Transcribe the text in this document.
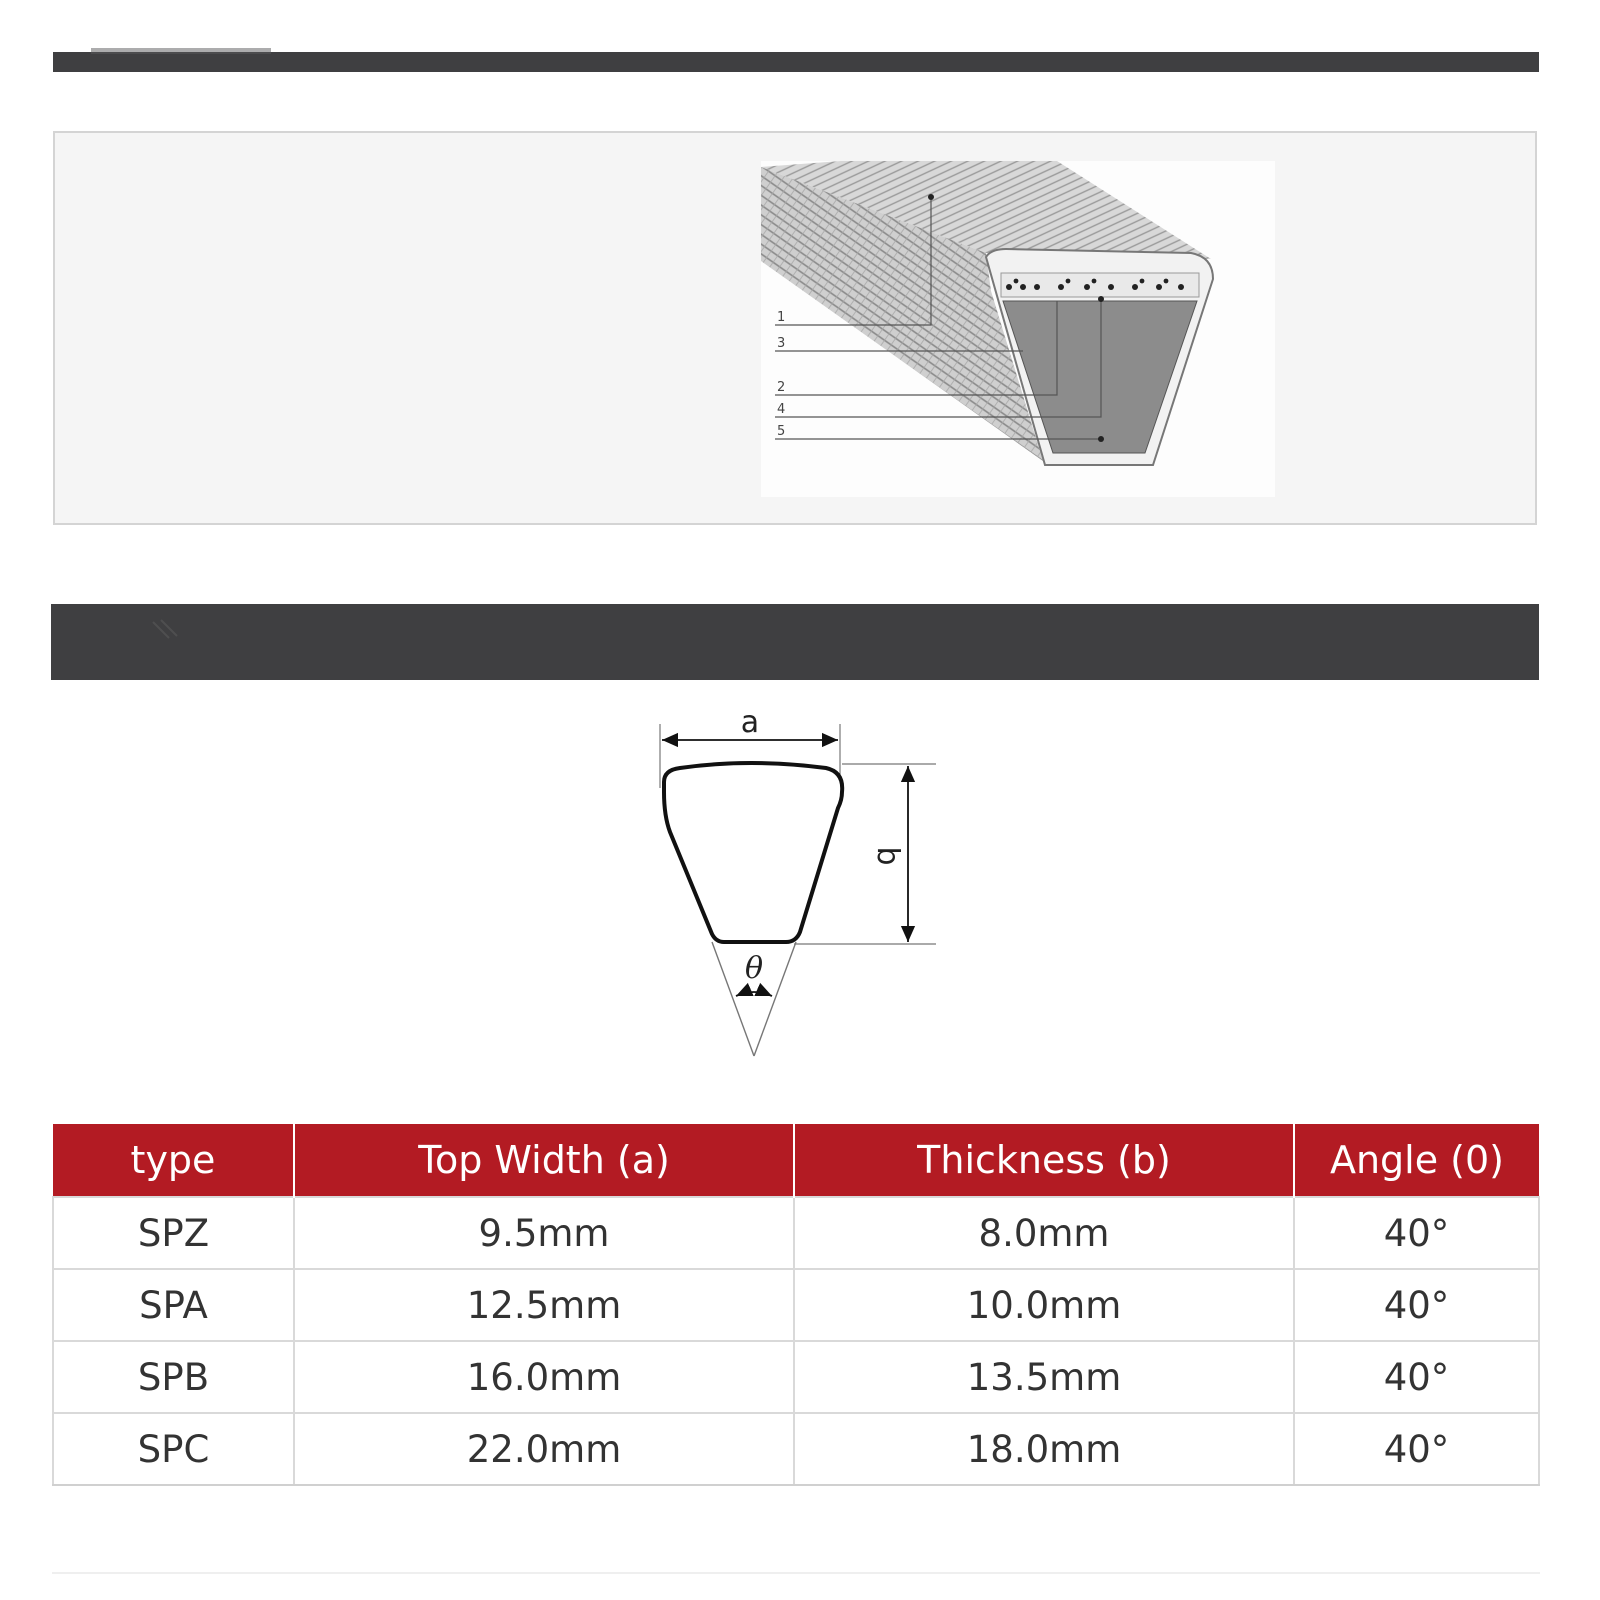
1
3
2
4
5
a
b
θ
type	Top Width (a)	Thickness (b)	Angle (0)
SPZ	9.5mm	8.0mm	40°
SPA	12.5mm	10.0mm	40°
SPB	16.0mm	13.5mm	40°
SPC	22.0mm	18.0mm	40°
